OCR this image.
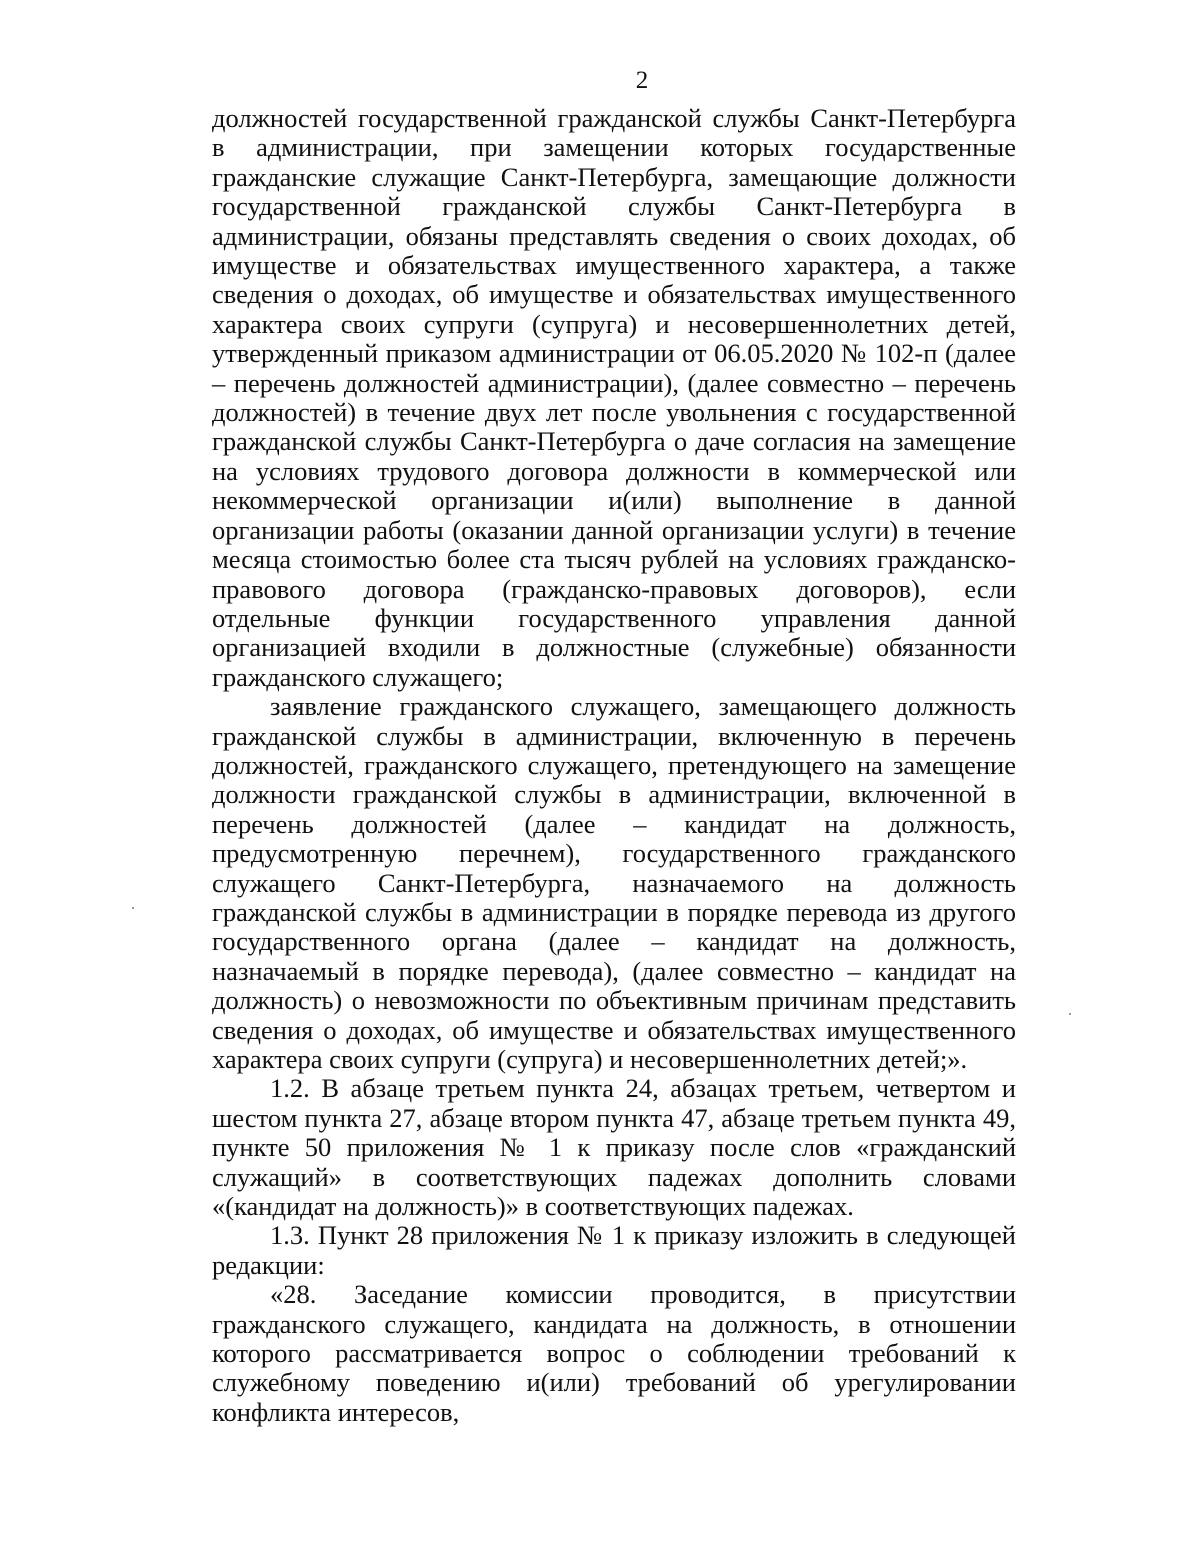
2

должностей государственной гражданской службы Санкт-Петербурга в администрации, при замещении которых государственные гражданские служащие Санкт-Петербурга, замещающие должности государственной гражданской службы Санкт-Петербурга в администрации, обязаны представлять сведения о своих доходах, об имуществе и обязательствах имущественного характера, а также сведения о доходах, об имуществе и обязательствах имущественного характера своих супруги (супруга) и несовершеннолетних детей, утвержденный приказом администрации от 06.05.2020 № 102-п (далее – перечень должностей администрации), (далее совместно – перечень должностей) в течение двух лет после увольнения с государственной гражданской службы Санкт-Петербурга о даче согласия на замещение на условиях трудового договора должности в коммерческой или некоммерческой организации и(или) выполнение в данной организации работы (оказании данной организации услуги) в течение месяца стоимостью более ста тысяч рублей на условиях гражданско-правового договора (гражданско-правовых договоров), если отдельные функции государственного управления данной организацией входили в должностные (служебные) обязанности гражданского служащего;

заявление гражданского служащего, замещающего должность гражданской службы в администрации, включенную в перечень должностей, гражданского служащего, претендующего на замещение должности гражданской службы в администрации, включенной в перечень должностей (далее – кандидат на должность, предусмотренную перечнем), государственного гражданского служащего Санкт-Петербурга, назначаемого на должность гражданской службы в администрации в порядке перевода из другого государственного органа (далее – кандидат на должность, назначаемый в порядке перевода), (далее совместно – кандидат на должность) о невозможности по объективным причинам представить сведения о доходах, об имуществе и обязательствах имущественного характера своих супруги (супруга) и несовершеннолетних детей;».

1.2. В абзаце третьем пункта 24, абзацах третьем, четвертом и шестом пункта 27, абзаце втором пункта 47, абзаце третьем пункта 49, пункте 50 приложения № 1 к приказу после слов «гражданский служащий» в соответствующих падежах дополнить словами «(кандидат на должность)» в соответствующих падежах.

1.3. Пункт 28 приложения № 1 к приказу изложить в следующей редакции:

«28. Заседание комиссии проводится, в присутствии гражданского служащего, кандидата на должность, в отношении которого рассматривается вопрос о соблюдении требований к служебному поведению и(или) требований об урегулировании конфликта интересов,
